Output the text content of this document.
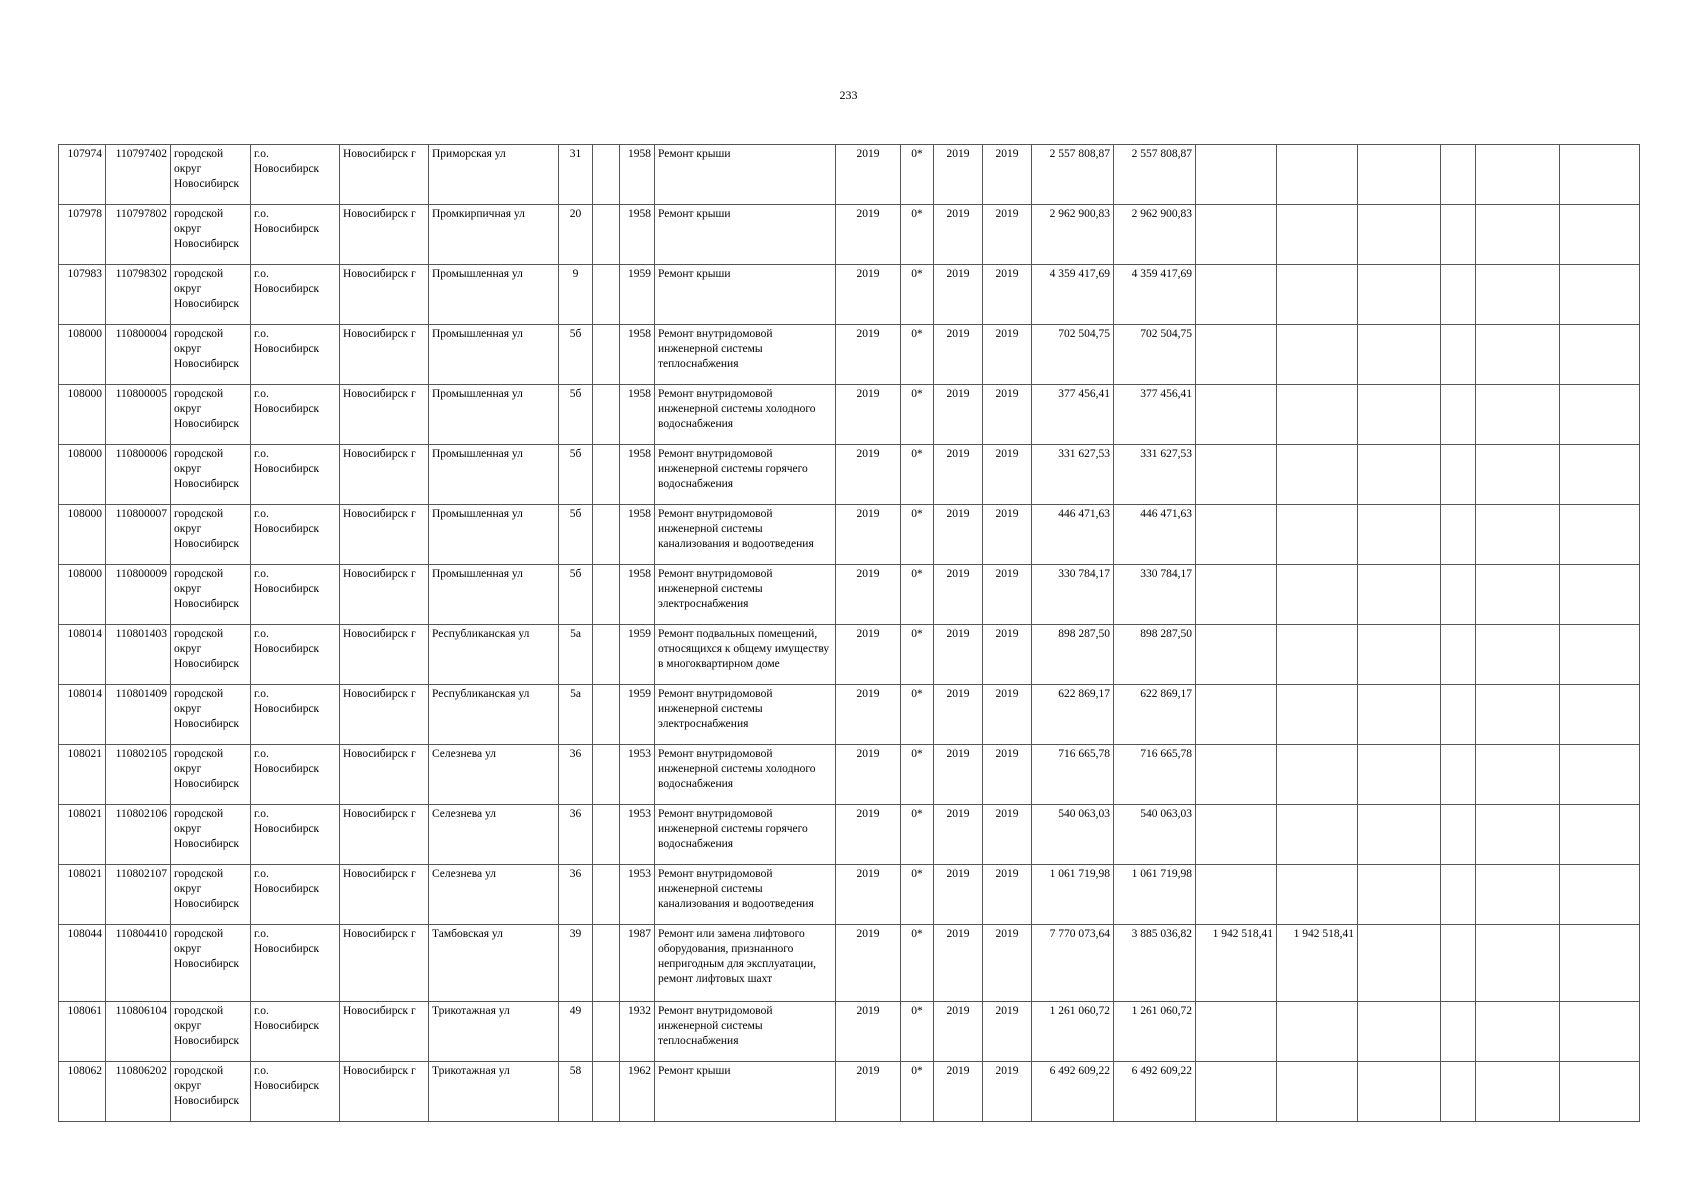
233
107974	110797402	городской округ Новосибирск	г.о. Новосибирск	Новосибирск г	Приморская ул	31		1958	Ремонт крыши	2019	0*	2019	2019	2 557 808,87	2 557 808,87						
107978	110797802	городской округ Новосибирск	г.о. Новосибирск	Новосибирск г	Промкирпичная ул	20		1958	Ремонт крыши	2019	0*	2019	2019	2 962 900,83	2 962 900,83						
107983	110798302	городской округ Новосибирск	г.о. Новосибирск	Новосибирск г	Промышленная ул	9		1959	Ремонт крыши	2019	0*	2019	2019	4 359 417,69	4 359 417,69						
108000	110800004	городской округ Новосибирск	г.о. Новосибирск	Новосибирск г	Промышленная ул	5б		1958	Ремонт внутридомовой инженерной системы теплоснабжения	2019	0*	2019	2019	702 504,75	702 504,75						
108000	110800005	городской округ Новосибирск	г.о. Новосибирск	Новосибирск г	Промышленная ул	5б		1958	Ремонт внутридомовой инженерной системы холодного водоснабжения	2019	0*	2019	2019	377 456,41	377 456,41						
108000	110800006	городской округ Новосибирск	г.о. Новосибирск	Новосибирск г	Промышленная ул	5б		1958	Ремонт внутридомовой инженерной системы горячего водоснабжения	2019	0*	2019	2019	331 627,53	331 627,53						
108000	110800007	городской округ Новосибирск	г.о. Новосибирск	Новосибирск г	Промышленная ул	5б		1958	Ремонт внутридомовой инженерной системы канализования и водоотведения	2019	0*	2019	2019	446 471,63	446 471,63						
108000	110800009	городской округ Новосибирск	г.о. Новосибирск	Новосибирск г	Промышленная ул	5б		1958	Ремонт внутридомовой инженерной системы электроснабжения	2019	0*	2019	2019	330 784,17	330 784,17						
108014	110801403	городской округ Новосибирск	г.о. Новосибирск	Новосибирск г	Республиканская ул	5а		1959	Ремонт подвальных помещений, относящихся к общему имуществу в многоквартирном доме	2019	0*	2019	2019	898 287,50	898 287,50						
108014	110801409	городской округ Новосибирск	г.о. Новосибирск	Новосибирск г	Республиканская ул	5а		1959	Ремонт внутридомовой инженерной системы электроснабжения	2019	0*	2019	2019	622 869,17	622 869,17						
108021	110802105	городской округ Новосибирск	г.о. Новосибирск	Новосибирск г	Селезнева ул	36		1953	Ремонт внутридомовой инженерной системы холодного водоснабжения	2019	0*	2019	2019	716 665,78	716 665,78						
108021	110802106	городской округ Новосибирск	г.о. Новосибирск	Новосибирск г	Селезнева ул	36		1953	Ремонт внутридомовой инженерной системы горячего водоснабжения	2019	0*	2019	2019	540 063,03	540 063,03						
108021	110802107	городской округ Новосибирск	г.о. Новосибирск	Новосибирск г	Селезнева ул	36		1953	Ремонт внутридомовой инженерной системы канализования и водоотведения	2019	0*	2019	2019	1 061 719,98	1 061 719,98						
108044	110804410	городской округ Новосибирск	г.о. Новосибирск	Новосибирск г	Тамбовская ул	39		1987	Ремонт или замена лифтового оборудования, признанного непригодным для эксплуатации, ремонт лифтовых шахт	2019	0*	2019	2019	7 770 073,64	3 885 036,82	1 942 518,41	1 942 518,41				
108061	110806104	городской округ Новосибирск	г.о. Новосибирск	Новосибирск г	Трикотажная ул	49		1932	Ремонт внутридомовой инженерной системы теплоснабжения	2019	0*	2019	2019	1 261 060,72	1 261 060,72						
108062	110806202	городской округ Новосибирск	г.о. Новосибирск	Новосибирск г	Трикотажная ул	58		1962	Ремонт крыши	2019	0*	2019	2019	6 492 609,22	6 492 609,22						
